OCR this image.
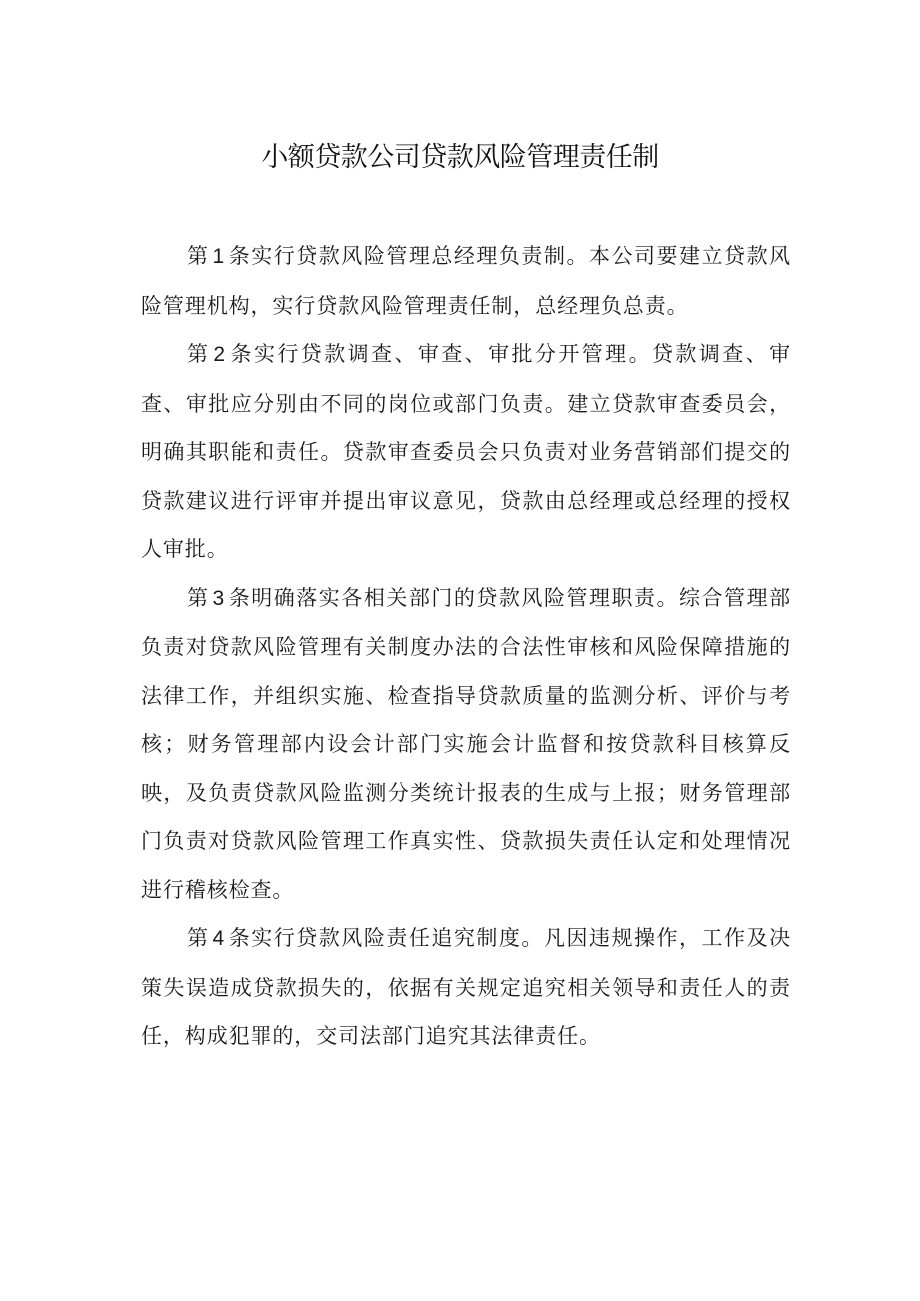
小额贷款公司贷款风险管理责任制

第 1 条实行贷款风险管理总经理负责制。本公司要建立贷款风险管理机构，实行贷款风险管理责任制，总经理负总责。

第 2 条实行贷款调查、审查、审批分开管理。贷款调查、审查、审批应分别由不同的岗位或部门负责。建立贷款审查委员会，明确其职能和责任。贷款审查委员会只负责对业务营销部们提交的贷款建议进行评审并提出审议意见，贷款由总经理或总经理的授权人审批。

第 3 条明确落实各相关部门的贷款风险管理职责。综合管理部负责对贷款风险管理有关制度办法的合法性审核和风险保障措施的法律工作，并组织实施、检查指导贷款质量的监测分析、评价与考核；财务管理部内设会计部门实施会计监督和按贷款科目核算反映，及负责贷款风险监测分类统计报表的生成与上报；财务管理部门负责对贷款风险管理工作真实性、贷款损失责任认定和处理情况进行稽核检查。

第 4 条实行贷款风险责任追究制度。凡因违规操作，工作及决策失误造成贷款损失的，依据有关规定追究相关领导和责任人的责任，构成犯罪的，交司法部门追究其法律责任。
